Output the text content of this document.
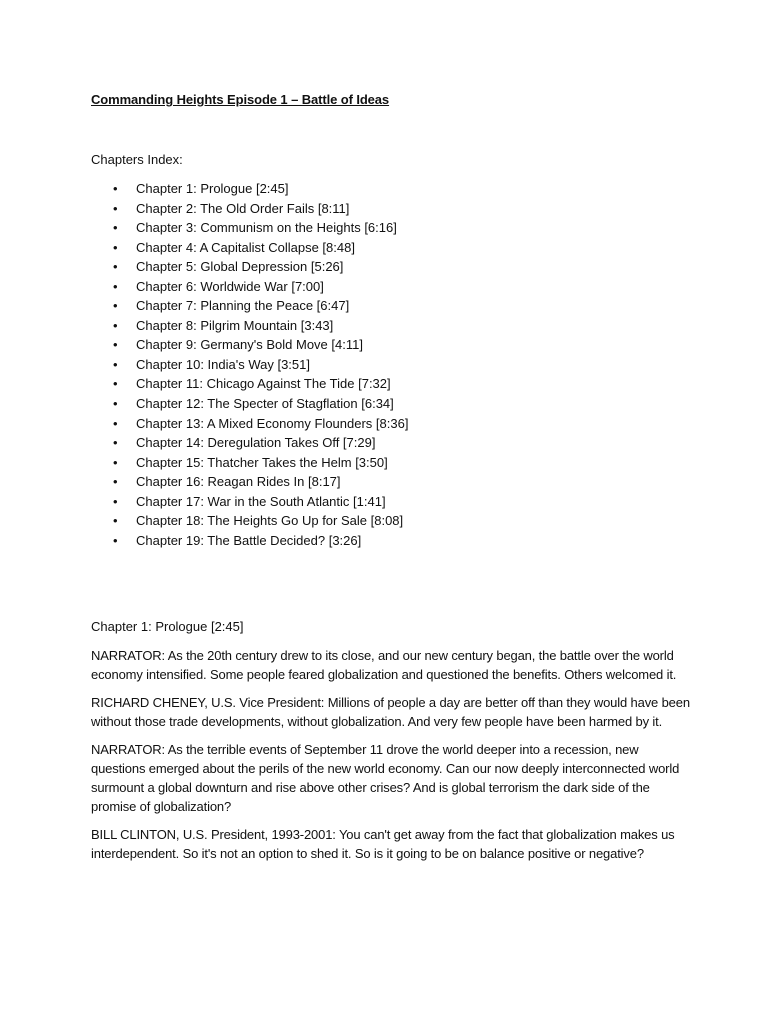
Commanding Heights Episode 1 – Battle of Ideas
Chapters Index:
• Chapter 1: Prologue [2:45]
• Chapter 2: The Old Order Fails [8:11]
• Chapter 3: Communism on the Heights [6:16]
• Chapter 4: A Capitalist Collapse [8:48]
• Chapter 5: Global Depression [5:26]
• Chapter 6: Worldwide War [7:00]
• Chapter 7: Planning the Peace [6:47]
• Chapter 8: Pilgrim Mountain [3:43]
• Chapter 9: Germany's Bold Move [4:11]
• Chapter 10: India's Way [3:51]
• Chapter 11: Chicago Against The Tide [7:32]
• Chapter 12: The Specter of Stagflation [6:34]
• Chapter 13: A Mixed Economy Flounders [8:36]
• Chapter 14: Deregulation Takes Off [7:29]
• Chapter 15: Thatcher Takes the Helm [3:50]
• Chapter 16: Reagan Rides In [8:17]
• Chapter 17: War in the South Atlantic [1:41]
• Chapter 18: The Heights Go Up for Sale [8:08]
• Chapter 19: The Battle Decided? [3:26]
Chapter 1: Prologue [2:45]

NARRATOR: As the 20th century drew to its close, and our new century began, the battle over the world economy intensified. Some people feared globalization and questioned the benefits. Others welcomed it.

RICHARD CHENEY, U.S. Vice President: Millions of people a day are better off than they would have been without those trade developments, without globalization. And very few people have been harmed by it.

NARRATOR: As the terrible events of September 11 drove the world deeper into a recession, new questions emerged about the perils of the new world economy. Can our now deeply interconnected world surmount a global downturn and rise above other crises? And is global terrorism the dark side of the promise of globalization?

BILL CLINTON, U.S. President, 1993-2001: You can't get away from the fact that globalization makes us interdependent. So it's not an option to shed it. So is it going to be on balance positive or negative?
